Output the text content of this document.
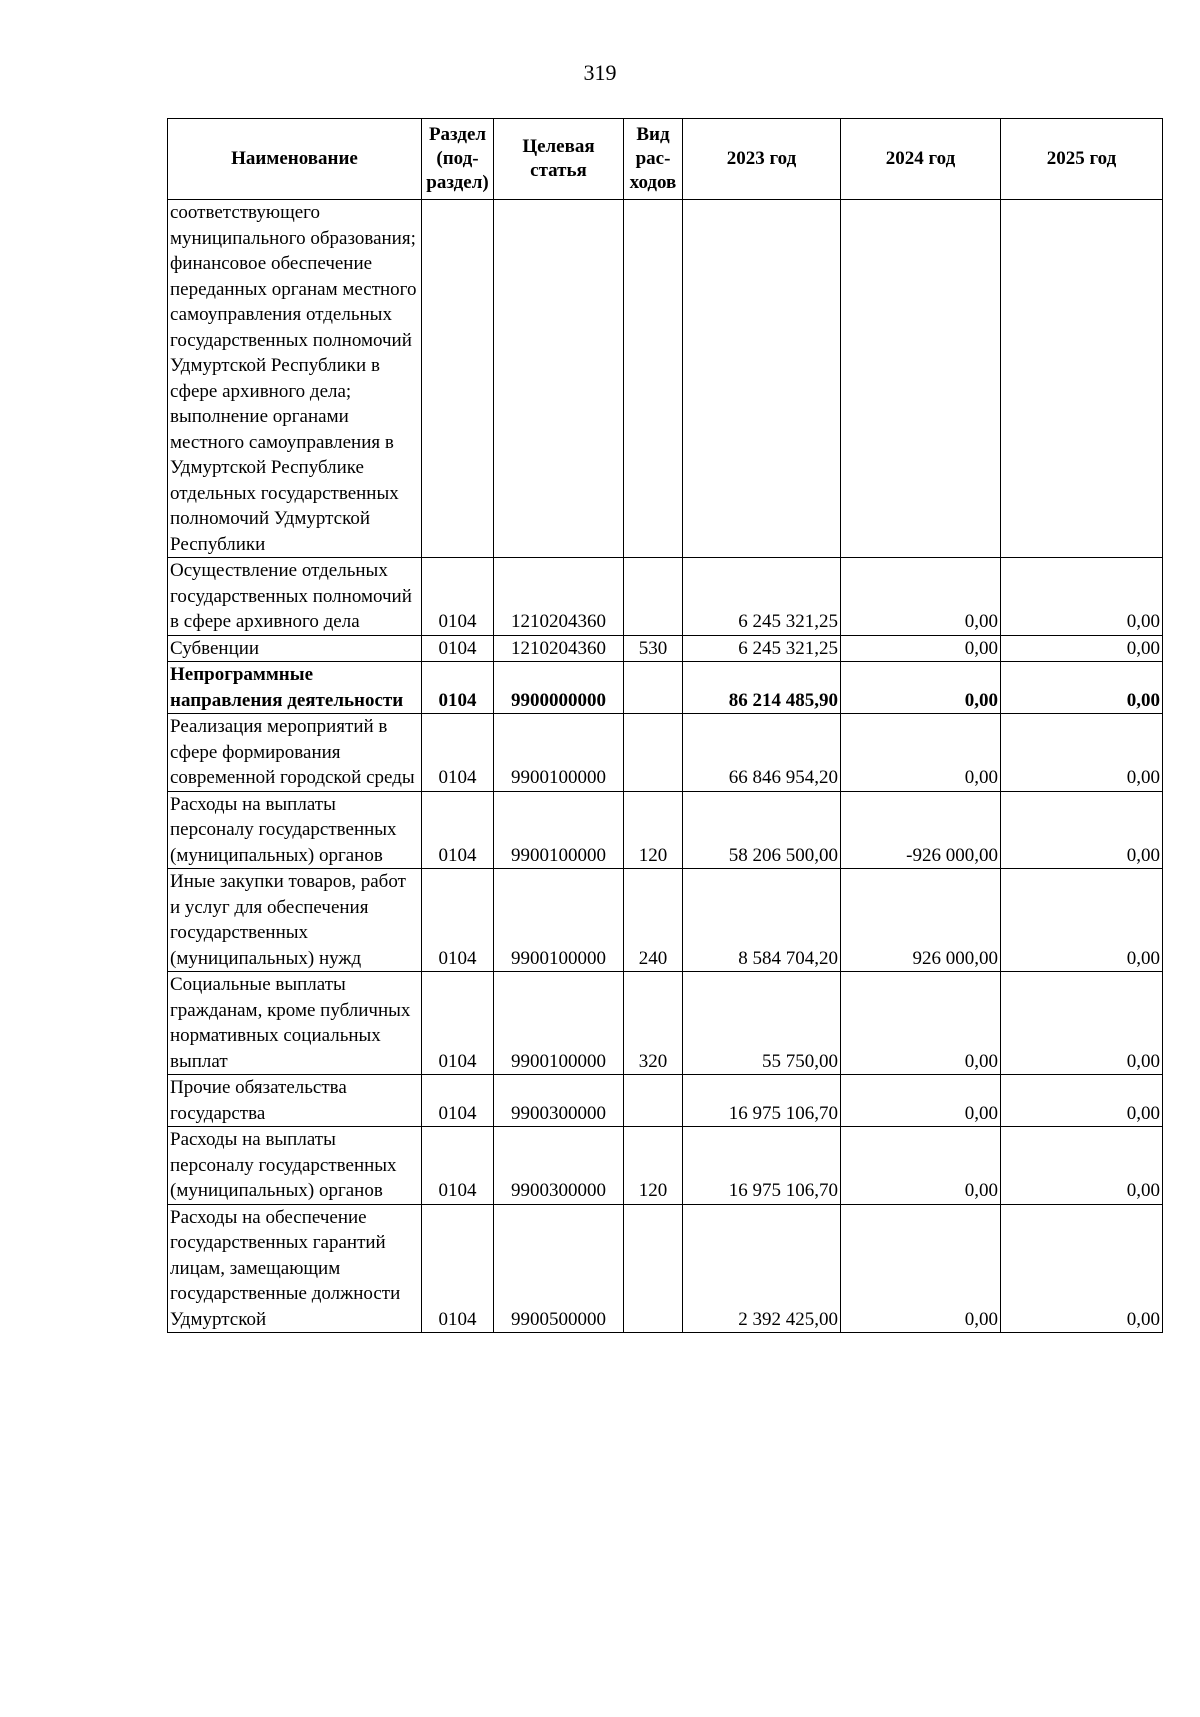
319
Наименование	Раздел (под-раздел)	Целевая статья	Вид рас-ходов	2023 год	2024 год	2025 год
соответствующего муниципального образования; финансовое обеспечение переданных органам местного самоуправления отдельных государственных полномочий Удмуртской Республики в сфере архивного дела; выполнение органами местного самоуправления в Удмуртской Республике отдельных государственных полномочий Удмуртской Республики						
Осуществление отдельных государственных полномочий в сфере архивного дела	0104	1210204360		6 245 321,25	0,00	0,00
Субвенции	0104	1210204360	530	6 245 321,25	0,00	0,00
Непрограммные направления деятельности	0104	9900000000		86 214 485,90	0,00	0,00
Реализация мероприятий в сфере формирования современной городской среды	0104	9900100000		66 846 954,20	0,00	0,00
Расходы на выплаты персоналу государственных (муниципальных) органов	0104	9900100000	120	58 206 500,00	-926 000,00	0,00
Иные закупки товаров, работ и услуг для обеспечения государственных (муниципальных) нужд	0104	9900100000	240	8 584 704,20	926 000,00	0,00
Социальные выплаты гражданам, кроме публичных нормативных социальных выплат	0104	9900100000	320	55 750,00	0,00	0,00
Прочие обязательства государства	0104	9900300000		16 975 106,70	0,00	0,00
Расходы на выплаты персоналу государственных (муниципальных) органов	0104	9900300000	120	16 975 106,70	0,00	0,00
Расходы на обеспечение государственных гарантий лицам, замещающим государственные должности Удмуртской	0104	9900500000		2 392 425,00	0,00	0,00
